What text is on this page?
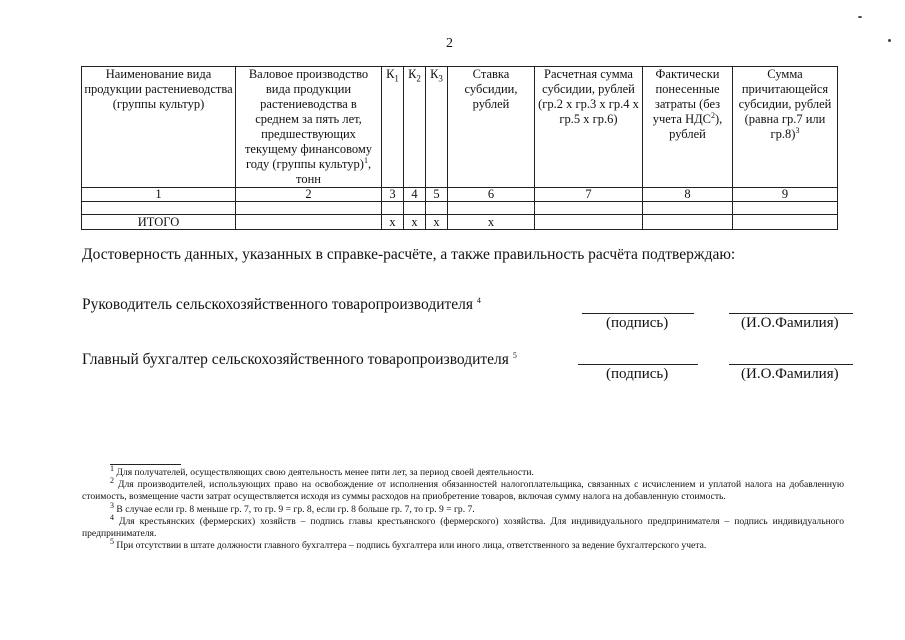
2
Наименование вида продукции растениеводства (группы культур)	Валовое производство вида продукции растениеводства в среднем за пять лет, предшествующих текущему финансовому году (группы культур)$^1$, тонн	$К_1$	$К_2$	$К_3$	Ставка субсидии, рублей	Расчетная сумма субсидии, рублей (гр.2 х гр.3 х гр.4 х гр.5 х гр.6)	Фактически понесенные затраты (без учета НДС$^2$), рублей	Сумма причитающейся субсидии, рублей (равна гр.7 или гр.8)$^3$
1	2	3	4	5	6	7	8	9

ИТОГО		х	х	х	х			
Достоверность данных, указанных в справке-расчёте, а также правильность расчёта подтверждаю:
Руководитель сельскохозяйственного товаропроизводителя $^4$
(подпись)	(И.О.Фамилия)
Главный бухгалтер сельскохозяйственного товаропроизводителя $^5$
(подпись)	(И.О.Фамилия)

$^1$ Для получателей, осуществляющих свою деятельность менее пяти лет, за период своей деятельности.

$^2$ Для производителей, использующих право на освобождение от исполнения обязанностей налогоплательщика, связанных с исчислением и уплатой налога на добавленную стоимость, возмещение части затрат осуществляется исходя из суммы расходов на приобретение товаров, включая сумму налога на добавленную стоимость.

$^3$ В случае если гр. 8 меньше гр. 7, то гр. 9 = гр. 8, если гр. 8 больше гр. 7, то гр. 9 = гр. 7.

$^4$ Для крестьянских (фермерских) хозяйств – подпись главы крестьянского (фермерского) хозяйства. Для индивидуального предпринимателя – подпись индивидуального предпринимателя.

$^5$ При отсутствии в штате должности главного бухгалтера – подпись бухгалтера или иного лица, ответственного за ведение бухгалтерского учета.
